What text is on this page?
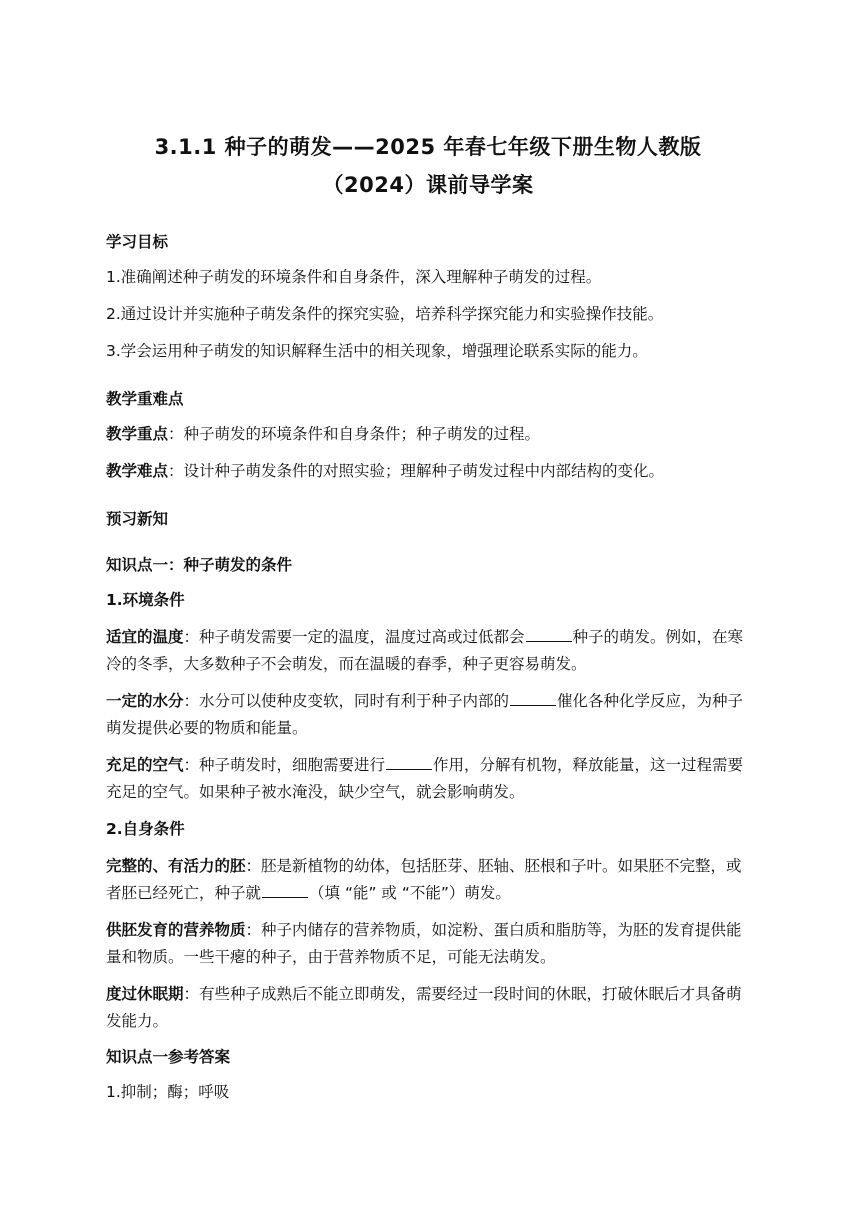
3.1.1 种子的萌发——2025 年春七年级下册生物人教版
（2024）课前导学案

学习目标

1.准确阐述种子萌发的环境条件和自身条件，深入理解种子萌发的过程。

2.通过设计并实施种子萌发条件的探究实验，培养科学探究能力和实验操作技能。

3.学会运用种子萌发的知识解释生活中的相关现象，增强理论联系实际的能力。

教学重难点

教学重点：种子萌发的环境条件和自身条件；种子萌发的过程。

教学难点：设计种子萌发条件的对照实验；理解种子萌发过程中内部结构的变化。

预习新知

知识点一：种子萌发的条件

1.环境条件

适宜的温度：种子萌发需要一定的温度，温度过高或过低都会	种子的萌发。例如，在寒冷的冬季，大多数种子不会萌发，而在温暖的春季，种子更容易萌发。

一定的水分：水分可以使种皮变软，同时有利于种子内部的	催化各种化学反应，为种子萌发提供必要的物质和能量。

充足的空气：种子萌发时，细胞需要进行	作用，分解有机物，释放能量，这一过程需要充足的空气。如果种子被水淹没，缺少空气，就会影响萌发。

2.自身条件

完整的、有活力的胚：胚是新植物的幼体，包括胚芽、胚轴、胚根和子叶。如果胚不完整，或者胚已经死亡，种子就	（填 “能” 或 “不能”）萌发。

供胚发育的营养物质：种子内储存的营养物质，如淀粉、蛋白质和脂肪等，为胚的发育提供能量和物质。一些干瘪的种子，由于营养物质不足，可能无法萌发。

度过休眠期：有些种子成熟后不能立即萌发，需要经过一段时间的休眠，打破休眠后才具备萌发能力。

知识点一参考答案

1.抑制；酶；呼吸
